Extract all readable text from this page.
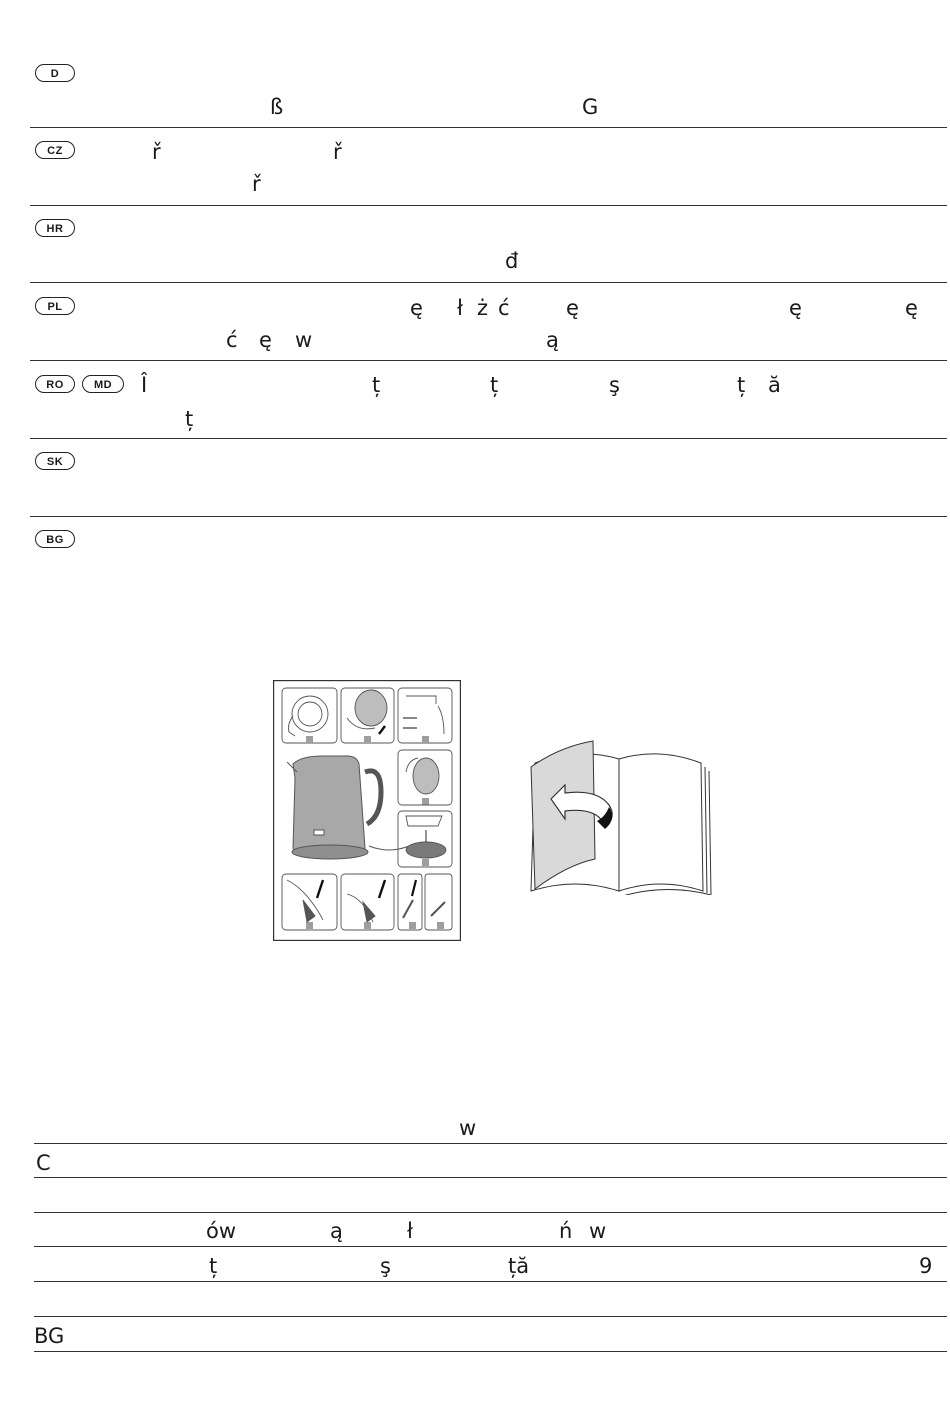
D
ß	G
CZ	ř	ř
ř
HR
đ
PL	ę ł ż ć	ę	ę	ę
ć ę w	ą
RO	MD	Î	ț	ț	ş	ț ă
ț
SK
BG
w
C
ów	ą	ł	ń w
ț	ş	ță	9
BG
